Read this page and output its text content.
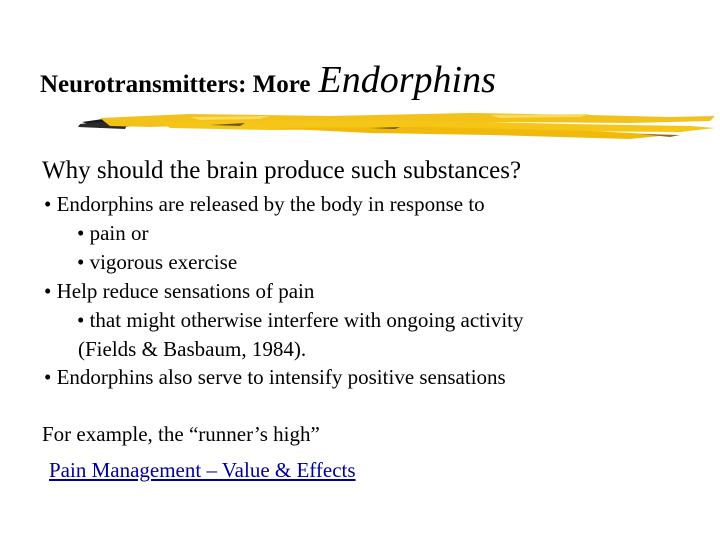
Neurotransmitters: More Endorphins
Why should the brain produce such substances?
• Endorphins are released by the body in response to
• pain or
• vigorous exercise
• Help reduce sensations of pain
• that might otherwise interfere with ongoing activity
(Fields & Basbaum, 1984).
• Endorphins also serve to intensify positive sensations
For example, the “runner’s high”
Pain Management – Value & Effects
